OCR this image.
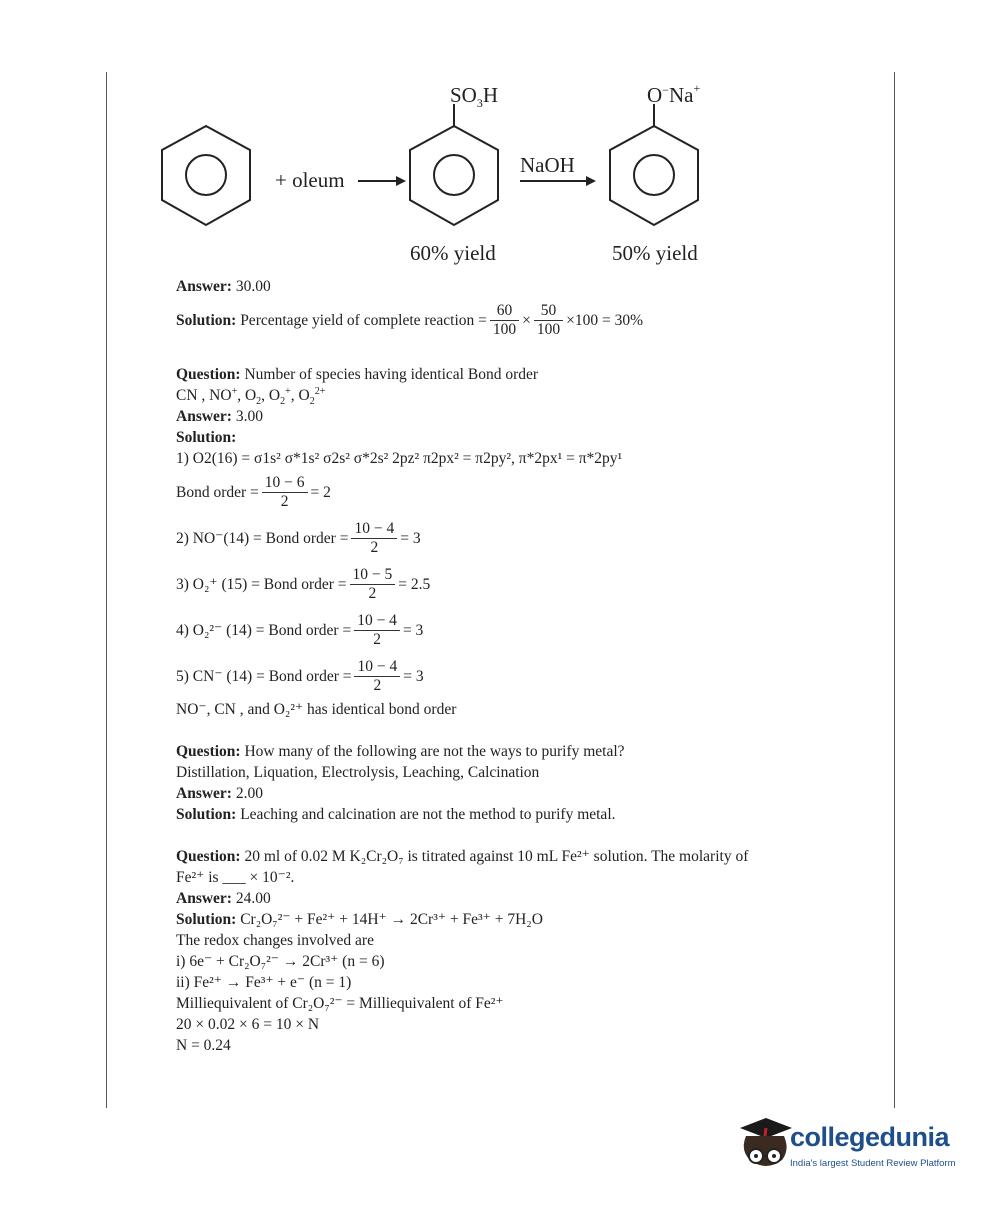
+ oleum
$SO_3H$
60% yield
NaOH
O−Na+
50% yield
Answer: 30.00
Solution:
Percentage yield of complete reaction = $\frac{60}{100} \times \frac{50}{100} \times 100 = 30\%$
Question: Number of species having identical Bond order
CN , NO+, $O_2$, $O_2^+$, $O_2^{2+}$
Answer: 3.00
Solution:
1) O2(16) = σ1s² σ*1s² σ2s² σ*2s² 2pz² π2px² = π2py², π*2px¹ = π*2py¹
Bond order = $\frac{10 - 6}{2} = 2$
2) NO⁻(14) = Bond order = $\frac{10 - 4}{2} = 3$
3) O₂⁺ (15) = Bond order = $\frac{10 - 5}{2} = 2.5$
4) O₂²⁻ (14) = Bond order = $\frac{10 - 4}{2} = 3$
5) CN⁻ (14) = Bond order = $\frac{10 - 4}{2} = 3$
NO⁻, CN , and O₂²⁺ has identical bond order
Question: How many of the following are not the ways to purify metal?
Distillation, Liquation, Electrolysis, Leaching, Calcination
Answer: 2.00
Solution: Leaching and calcination are not the method to purify metal.
Question: 20 ml of 0.02 M K₂Cr₂O₇ is titrated against 10 mL Fe²⁺ solution. The molarity of
Fe²⁺ is ___ × 10⁻².
Answer: 24.00
Solution: Cr₂O₇²⁻ + Fe²⁺ + 14H⁺ → 2Cr³⁺ + Fe³⁺ + 7H₂O
The redox changes involved are
i) 6e⁻ + Cr₂O₇²⁻ → 2Cr³⁺ (n = 6)
ii) Fe²⁺ → Fe³⁺ + e⁻ (n = 1)
Milliequivalent of Cr₂O₇²⁻ = Milliequivalent of Fe²⁺
20 × 0.02 × 6 = 10 × N
N = 0.24
collegedunia
India's largest Student Review Platform
